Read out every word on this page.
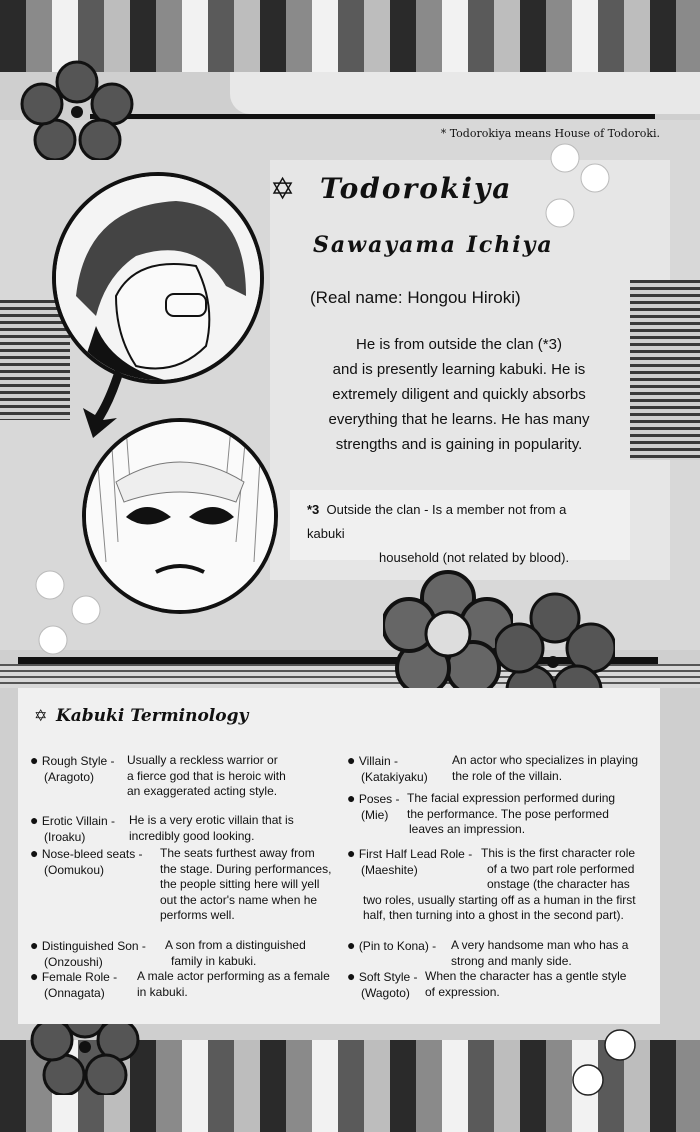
* Todorokiya means House of Todoroki.
✡ Todorokiya
Sawayama Ichiya
(Real name: Hongou Hiroki)
He is from outside the clan (*3)
and is presently learning kabuki. He is
extremely diligent and quickly absorbs
everything that he learns. He has many
strengths and is gaining in popularity.
*3 Outside the clan - Is a member not from a kabuki
household (not related by blood).
✡ Kabuki Terminology
● Rough Style -
(Aragoto)
Usually a reckless warrior or
a fierce god that is heroic with
an exaggerated acting style.
● Erotic Villain -
(Iroaku)
He is a very erotic villain that is
incredibly good looking.
● Nose-bleed seats -
(Oomukou)
The seats furthest away from
the stage. During performances,
the people sitting here will yell
out the actor's name when he
performs well.
● Distinguished Son -
(Onzoushi)
A son from a distinguished
family in kabuki.
● Female Role -
(Onnagata)
A male actor performing as a female
in kabuki.
● Villain -
(Katakiyaku)
An actor who specializes in playing
the role of the villain.
● Poses -
(Mie)
The facial expression performed during
the performance. The pose performed
leaves an impression.
● First Half Lead Role -
(Maeshite)
This is the first character role
of a two part role performed
onstage (the character has
two roles, usually starting off as a human in the first
half, then turning into a ghost in the second part).
● (Pin to Kona) -	A very handsome man who has a
strong and manly side.
● Soft Style -
(Wagoto)
When the character has a gentle style
of expression.
